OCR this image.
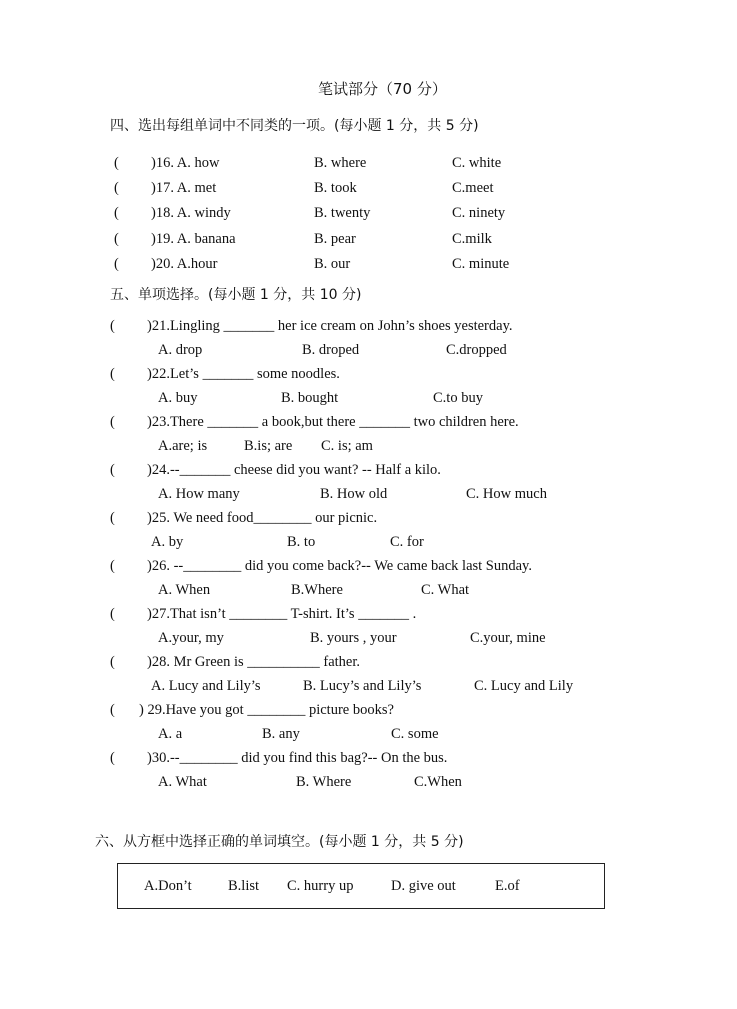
笔试部分（70 分）
四、选出每组单词中不同类的一项。(每小题 1 分，共 5 分)
( )16. A. how	B. where	C. white
( )17. A. met	B. took	C.meet
( )18. A. windy	B. twenty	C. ninety
( )19. A. banana	B. pear	C.milk
( )20. A.hour	B. our	C. minute
五、单项选择。(每小题 1 分，共 10 分)
( )21.Lingling _______ her ice cream on John’s shoes yesterday.
A. drop	B. droped	C.dropped
( )22.Let’s _______ some noodles.
A. buy	B. bought	C.to buy
( )23.There _______ a book,but there _______ two children here.
A.are; is	B.is; are C. is; am
( )24.--_______ cheese did you want? -- Half a kilo.
A. How many	B. How old	C. How much
( )25. We need food________ our picnic.
A. by	B. to	C. for
( )26. --________ did you come back?-- We came back last Sunday.
A. When	B.Where	C. What
( )27.That isn’t ________ T-shirt. It’s _______ .
A.your, my	B. yours , your	C.your, mine
( )28. Mr Green is __________ father.
A. Lucy and Lily’s	B. Lucy’s and Lily’s	C. Lucy and Lily
( ) 29.Have you got ________ picture books?
A. a	B. any	C. some
( )30.--________ did you find this bag?-- On the bus.
A. What	B. Where	C.When
六、从方框中选择正确的单词填空。(每小题 1 分，共 5 分)
A.Don’t	B.list C. hurry up	D. give out	E.of
